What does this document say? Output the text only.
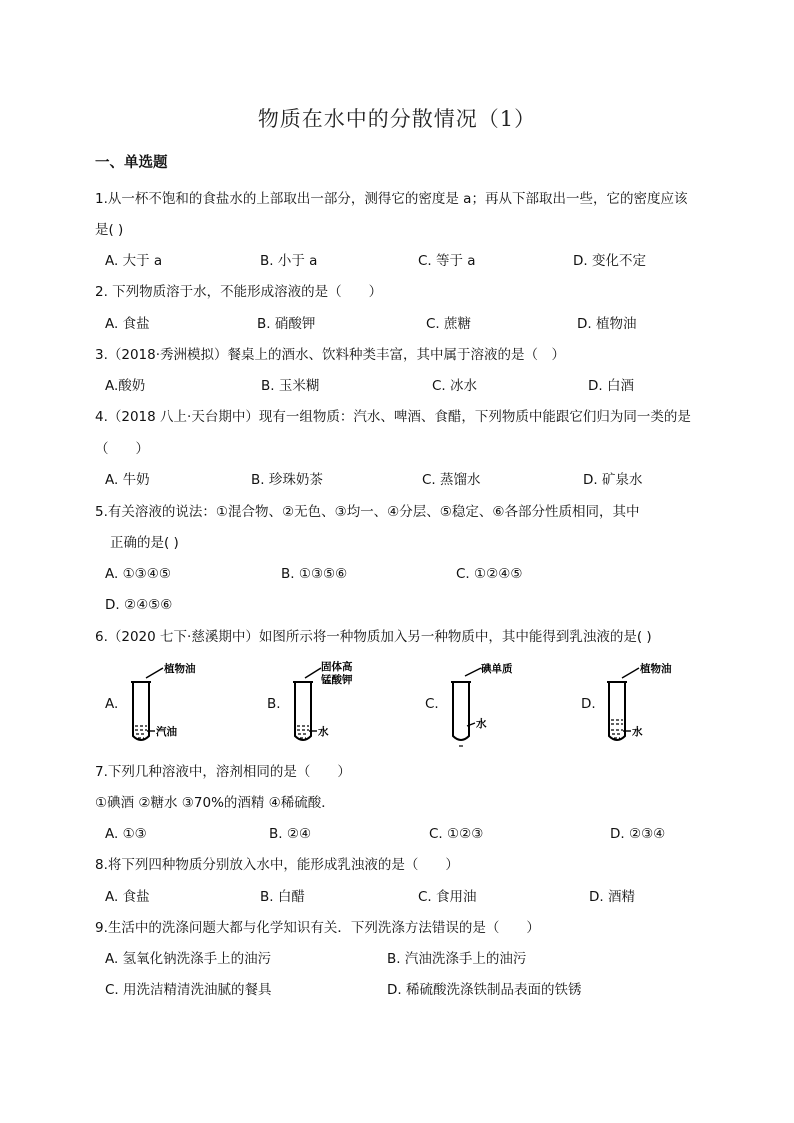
物质在水中的分散情况（1）
一、单选题
1.从一杯不饱和的食盐水的上部取出一部分，测得它的密度是 a；再从下部取出一些，它的密度应该
是( )
A. 大于 a	B. 小于 a	C. 等于 a	D. 变化不定
2. 下列物质溶于水，不能形成溶液的是（　　）
A. 食盐	B. 硝酸钾	C. 蔗糖	D. 植物油
3.（2018·秀洲模拟）餐桌上的酒水、饮料种类丰富，其中属于溶液的是（　）
A.酸奶	B. 玉米糊	C. 冰水	D. 白酒
4.（2018 八上·天台期中）现有一组物质：汽水、啤酒、食醋，下列物质中能跟它们归为同一类的是
（　　）
A. 牛奶	B. 珍珠奶茶	C. 蒸馏水	D. 矿泉水
5.有关溶液的说法：①混合物、②无色、③均一、④分层、⑤稳定、⑥各部分性质相同，其中
正确的是( )
A. ①③④⑤	B. ①③⑤⑥	C. ①②④⑤
D. ②④⑤⑥
6.（2020 七下·慈溪期中）如图所示将一种物质加入另一种物质中，其中能得到乳浊液的是( )
A.
植物油
汽油
B.
固体高
锰酸钾
水
C.
碘单质
水
D.
植物油
水
7.下列几种溶液中，溶剂相同的是（　　）
①碘酒 ②糖水 ③70%的酒精 ④稀硫酸．
A. ①③	B. ②④	C. ①②③	D. ②③④
8.将下列四种物质分别放入水中，能形成乳浊液的是（　　）
A. 食盐	B. 白醋	C. 食用油	D. 酒精
9.生活中的洗涤问题大都与化学知识有关．下列洗涤方法错误的是（　　）
A. 氢氧化钠洗涤手上的油污	B. 汽油洗涤手上的油污
C. 用洗洁精清洗油腻的餐具	D. 稀硫酸洗涤铁制品表面的铁锈
